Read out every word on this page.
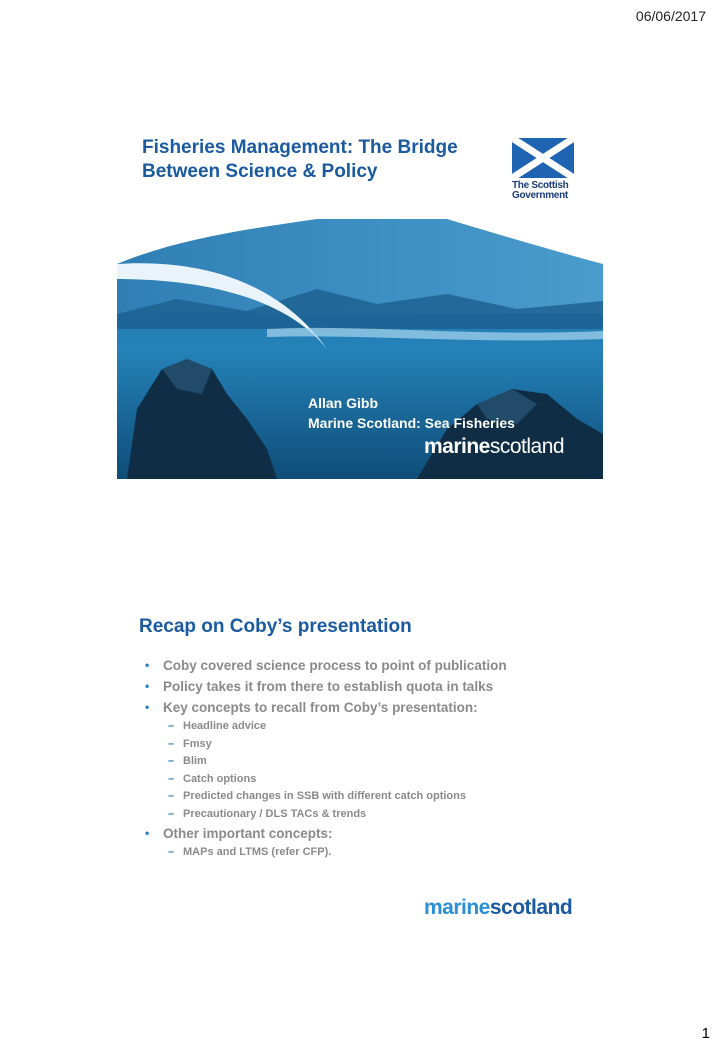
06/06/2017
Fisheries Management: The Bridge
Between Science & Policy
The Scottish
Government
Allan Gibb
Marine Scotland: Sea Fisheries
marinescotland
Recap on Coby’s presentation
•	Coby covered science process to point of publication
•	Policy takes it from there to establish quota in talks
•	Key concepts to recall from Coby’s presentation:
– Headline advice
– Fmsy
– Blim
– Catch options
– Predicted changes in SSB with different catch options
– Precautionary / DLS TACs & trends
•	Other important concepts:
– MAPs and LTMS (refer CFP).
marinescotland
1
